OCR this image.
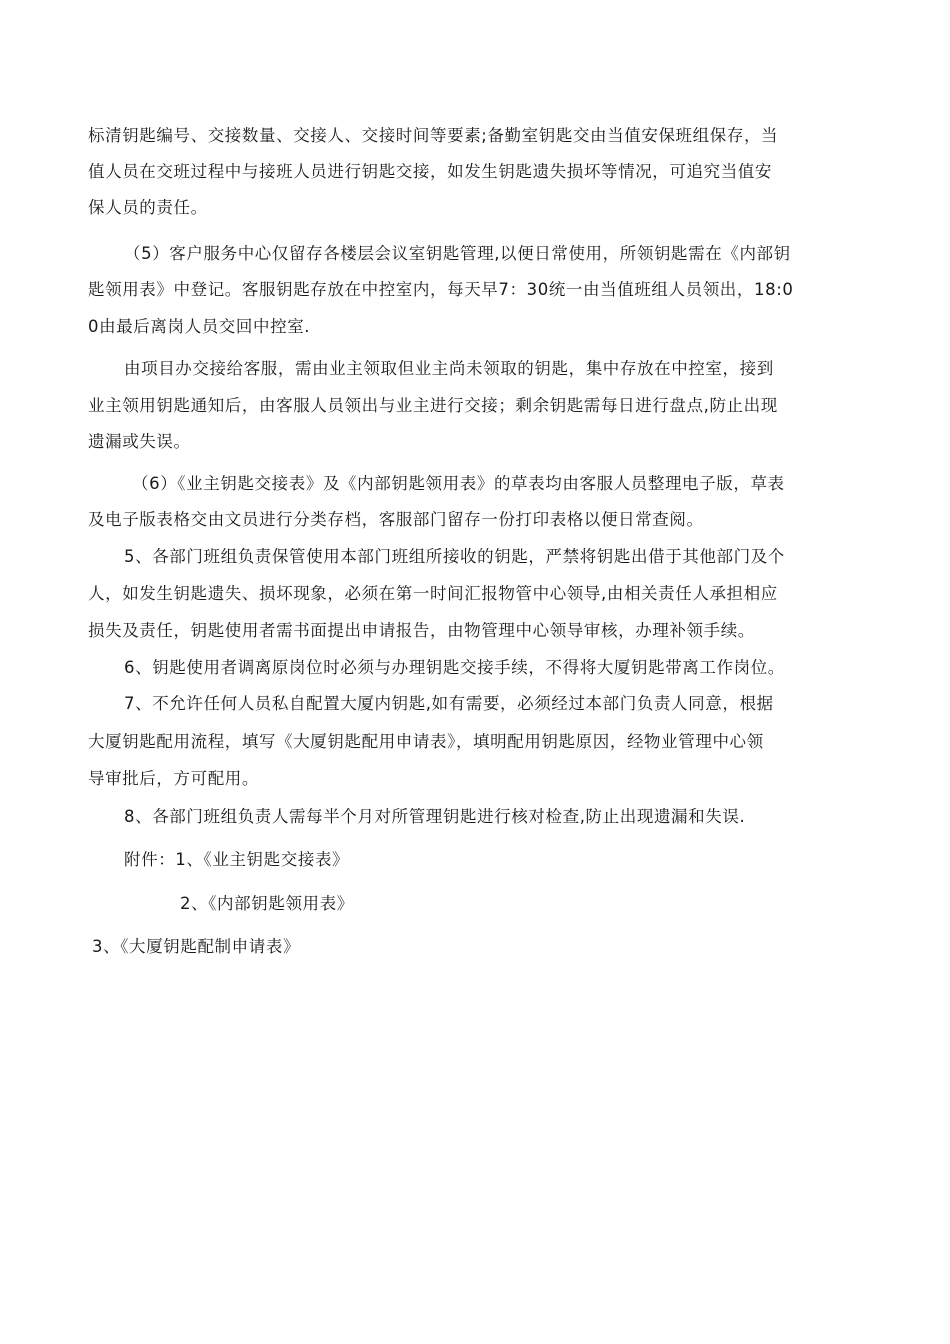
标清钥匙编号、交接数量、交接人、交接时间等要素;备勤室钥匙交由当值安保班组保存，当
值人员在交班过程中与接班人员进行钥匙交接，如发生钥匙遗失损坏等情况，可追究当值安
保人员的责任。
（5）客户服务中心仅留存各楼层会议室钥匙管理,以便日常使用，所领钥匙需在《内部钥
匙领用表》中登记。客服钥匙存放在中控室内，每天早7：30统一由当值班组人员领出，18:0
0由最后离岗人员交回中控室.
由项目办交接给客服，需由业主领取但业主尚未领取的钥匙，集中存放在中控室，接到
业主领用钥匙通知后，由客服人员领出与业主进行交接；剩余钥匙需每日进行盘点,防止出现
遗漏或失误。
（6）《业主钥匙交接表》及《内部钥匙领用表》的草表均由客服人员整理电子版，草表
及电子版表格交由文员进行分类存档，客服部门留存一份打印表格以便日常查阅。
5、各部门班组负责保管使用本部门班组所接收的钥匙，严禁将钥匙出借于其他部门及个
人，如发生钥匙遗失、损坏现象，必须在第一时间汇报物管中心领导,由相关责任人承担相应
损失及责任，钥匙使用者需书面提出申请报告，由物管理中心领导审核，办理补领手续。
6、钥匙使用者调离原岗位时必须与办理钥匙交接手续，不得将大厦钥匙带离工作岗位。
7、不允许任何人员私自配置大厦内钥匙,如有需要，必须经过本部门负责人同意，根据
大厦钥匙配用流程，填写《大厦钥匙配用申请表》，填明配用钥匙原因，经物业管理中心领
导审批后，方可配用。
8、各部门班组负责人需每半个月对所管理钥匙进行核对检查,防止出现遗漏和失误.
附件：1、《业主钥匙交接表》
2、《内部钥匙领用表》
3、《大厦钥匙配制申请表》
